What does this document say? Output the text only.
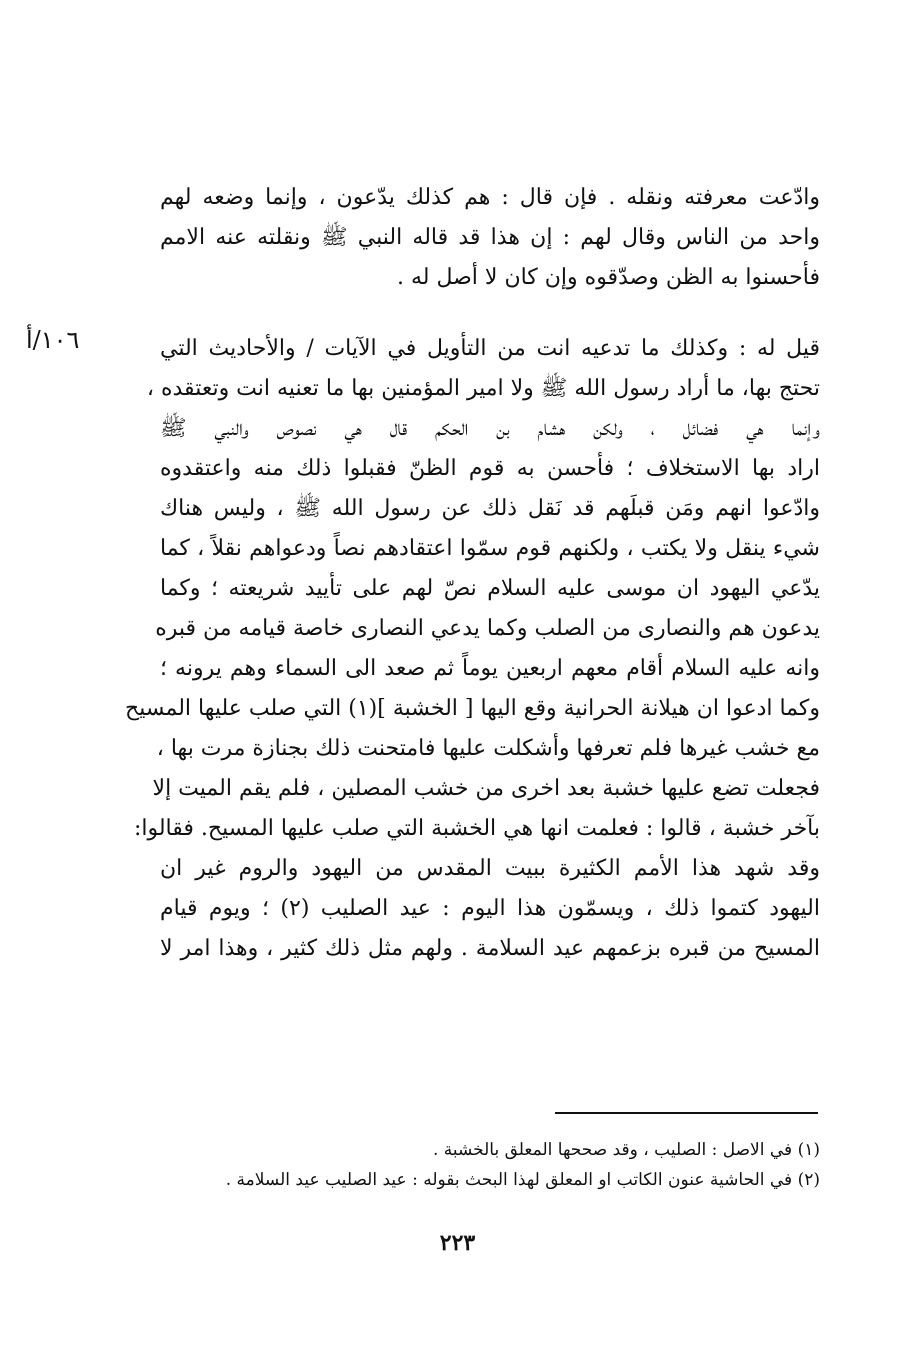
١٠٦/أ
وادّعت معرفته ونقله . فإن قال : هم كذلك يدّعون ، وإنما وضعه لهم
واحد من الناس وقال لهم : إن هذا قد قاله النبي ﷺ ونقلته عنه الامم
فأحسنوا به الظن وصدّقوه وإن كان لا أصل له .
قيل له : وكذلك ما تدعيه انت من التأويل في الآيات / والأحاديث التي
تحتج بها، ما أراد رسول الله ﷺ ولا امير المؤمنين بها ما تعنيه انت وتعتقده ،
وإنما هي فضائل ، ولكن هشام بن الحكم قال هي نصوص والنبي ﷺ
اراد بها الاستخلاف ؛ فأحسن به قوم الظنّ فقبلوا ذلك منه واعتقدوه
وادّعوا انهم ومَن قبلَهم قد نَقل ذلك عن رسول الله ﷺ ، وليس هناك
شيء ينقل ولا يكتب ، ولكنهم قوم سمّوا اعتقادهم نصاً ودعواهم نقلاً ، كما
يدّعي اليهود ان موسى عليه السلام نصّ لهم على تأييد شريعته ؛ وكما
يدعون هم والنصارى من الصلب وكما يدعي النصارى خاصة قيامه من قبره
وانه عليه السلام أقام معهم اربعين يوماً ثم صعد الى السماء وهم يرونه ؛
وكما ادعوا ان هيلانة الحرانية وقع اليها [ الخشبة ](١) التي صلب عليها المسيح
مع خشب غيرها فلم تعرفها وأشكلت عليها فامتحنت ذلك بجنازة مرت بها ،
فجعلت تضع عليها خشبة بعد اخرى من خشب المصلين ، فلم يقم الميت إلا
بآخر خشبة ، قالوا : فعلمت انها هي الخشبة التي صلب عليها المسيح. فقالوا:
وقد شهد هذا الأمم الكثيرة ببيت المقدس من اليهود والروم غير ان
اليهود كتموا ذلك ، ويسمّون هذا اليوم : عيد الصليب (٢) ؛ ويوم قيام
المسيح من قبره بزعمهم عيد السلامة . ولهم مثل ذلك كثير ، وهذا امر لا
(١) في الاصل : الصليب ، وقد صححها المعلق بالخشبة .
(٢) في الحاشية عنون الكاتب او المعلق لهذا البحث بقوله : عيد الصليب عيد السلامة .
٢٢٣
